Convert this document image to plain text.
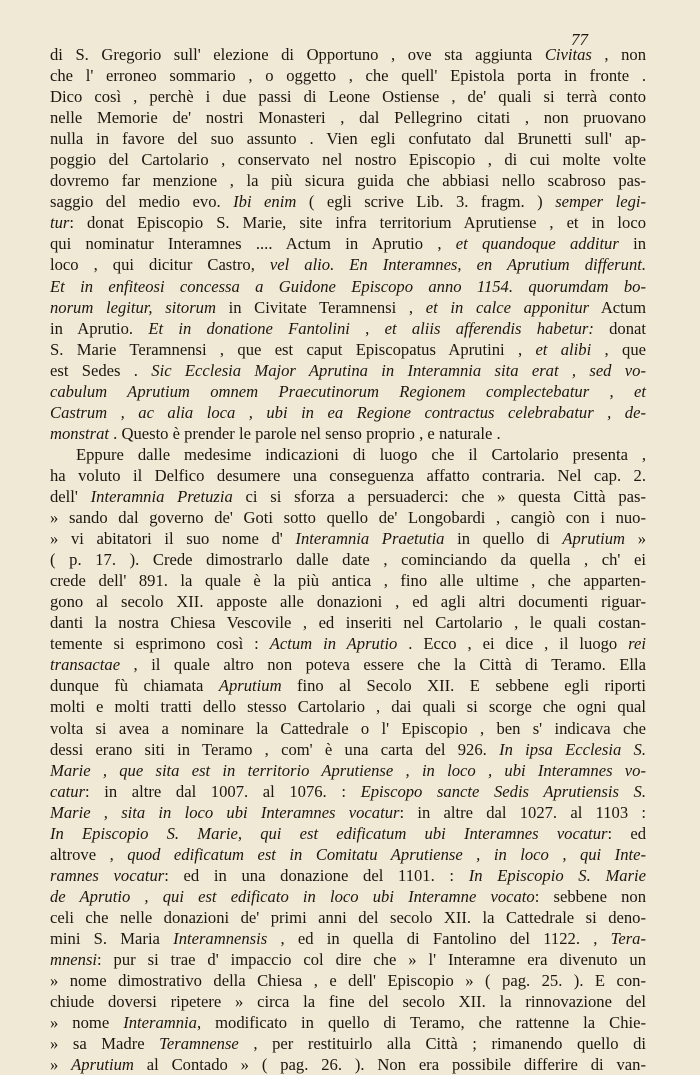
77
di S. Gregorio sull' elezione di Opportuno , ove sta aggiunta Civitas , non
che l' erroneo sommario , o oggetto , che quell' Epistola porta in fronte .
Dico così , perchè i due passi di Leone Ostiense , de' quali si terrà conto
nelle Memorie de' nostri Monasteri , dal Pellegrino citati , non pruovano
nulla in favore del suo assunto . Vien egli confutato dal Brunetti sull' ap-
poggio del Cartolario , conservato nel nostro Episcopio , di cui molte volte
dovremo far menzione , la più sicura guida che abbiasi nello scabroso pas-
saggio del medio evo. Ibi enim ( egli scrive Lib. 3. fragm. ) semper legi-
tur: donat Episcopio S. Marie, site infra territorium Aprutiense , et in loco
qui nominatur Interamnes .... Actum in Aprutio , et quandoque additur in
loco , qui dicitur Castro, vel alio. En Interamnes, en Aprutium differunt.
Et in enfiteosi concessa a Guidone Episcopo anno 1154. quorumdam bo-
norum legitur, sitorum in Civitate Teramnensi , et in calce apponitur Actum
in Aprutio. Et in donatione Fantolini , et aliis afferendis habetur: donat
S. Marie Teramnensi , que est caput Episcopatus Aprutini , et alibi , que
est Sedes . Sic Ecclesia Major Aprutina in Interamnia sita erat , sed vo-
cabulum Aprutium omnem Praecutinorum Regionem complectebatur , et
Castrum , ac alia loca , ubi in ea Regione contractus celebrabatur , de-
monstrat . Questo è prender le parole nel senso proprio , e naturale .
Eppure dalle medesime indicazioni di luogo che il Cartolario presenta ,
ha voluto il Delfico desumere una conseguenza affatto contraria. Nel cap. 2.
dell' Interamnia Pretuzia ci si sforza a persuaderci: che » questa Città pas-
» sando dal governo de' Goti sotto quello de' Longobardi , cangiò con i nuo-
» vi abitatori il suo nome d' Interamnia Praetutia in quello di Aprutium »
( p. 17. ). Crede dimostrarlo dalle date , cominciando da quella , ch' ei
crede dell' 891. la quale è la più antica , fino alle ultime , che apparten-
gono al secolo XII. apposte alle donazioni , ed agli altri documenti riguar-
danti la nostra Chiesa Vescovile , ed inseriti nel Cartolario , le quali costan-
temente si esprimono così : Actum in Aprutio . Ecco , ei dice , il luogo rei
transactae , il quale altro non poteva essere che la Città di Teramo. Ella
dunque fù chiamata Aprutium fino al Secolo XII. E sebbene egli riporti
molti e molti tratti dello stesso Cartolario , dai quali si scorge che ogni qual
volta si avea a nominare la Cattedrale o l' Episcopio , ben s' indicava che
dessi erano siti in Teramo , com' è una carta del 926. In ipsa Ecclesia S.
Marie , que sita est in territorio Aprutiense , in loco , ubi Interamnes vo-
catur: in altre dal 1007. al 1076. : Episcopo sancte Sedis Aprutiensis S.
Marie , sita in loco ubi Interamnes vocatur: in altre dal 1027. al 1103 :
In Episcopio S. Marie, qui est edificatum ubi Interamnes vocatur: ed
altrove , quod edificatum est in Comitatu Aprutiense , in loco , qui Inte-
ramnes vocatur: ed in una donazione del 1101. : In Episcopio S. Marie
de Aprutio , qui est edificato in loco ubi Interamne vocato: sebbene non
celi che nelle donazioni de' primi anni del secolo XII. la Cattedrale si deno-
mini S. Maria Interamnensis , ed in quella di Fantolino del 1122. , Tera-
mnensi: pur si trae d' impaccio col dire che » l' Interamne era divenuto un
» nome dimostrativo della Chiesa , e dell' Episcopio » ( pag. 25. ). E con-
chiude doversi ripetere » circa la fine del secolo XII. la rinnovazione del
» nome Interamnia, modificato in quello di Teramo, che rattenne la Chie-
» sa Madre Teramnense , per restituirlo alla Città ; rimanendo quello di
» Aprutium al Contado » ( pag. 26. ). Non era possibile differire di van-
